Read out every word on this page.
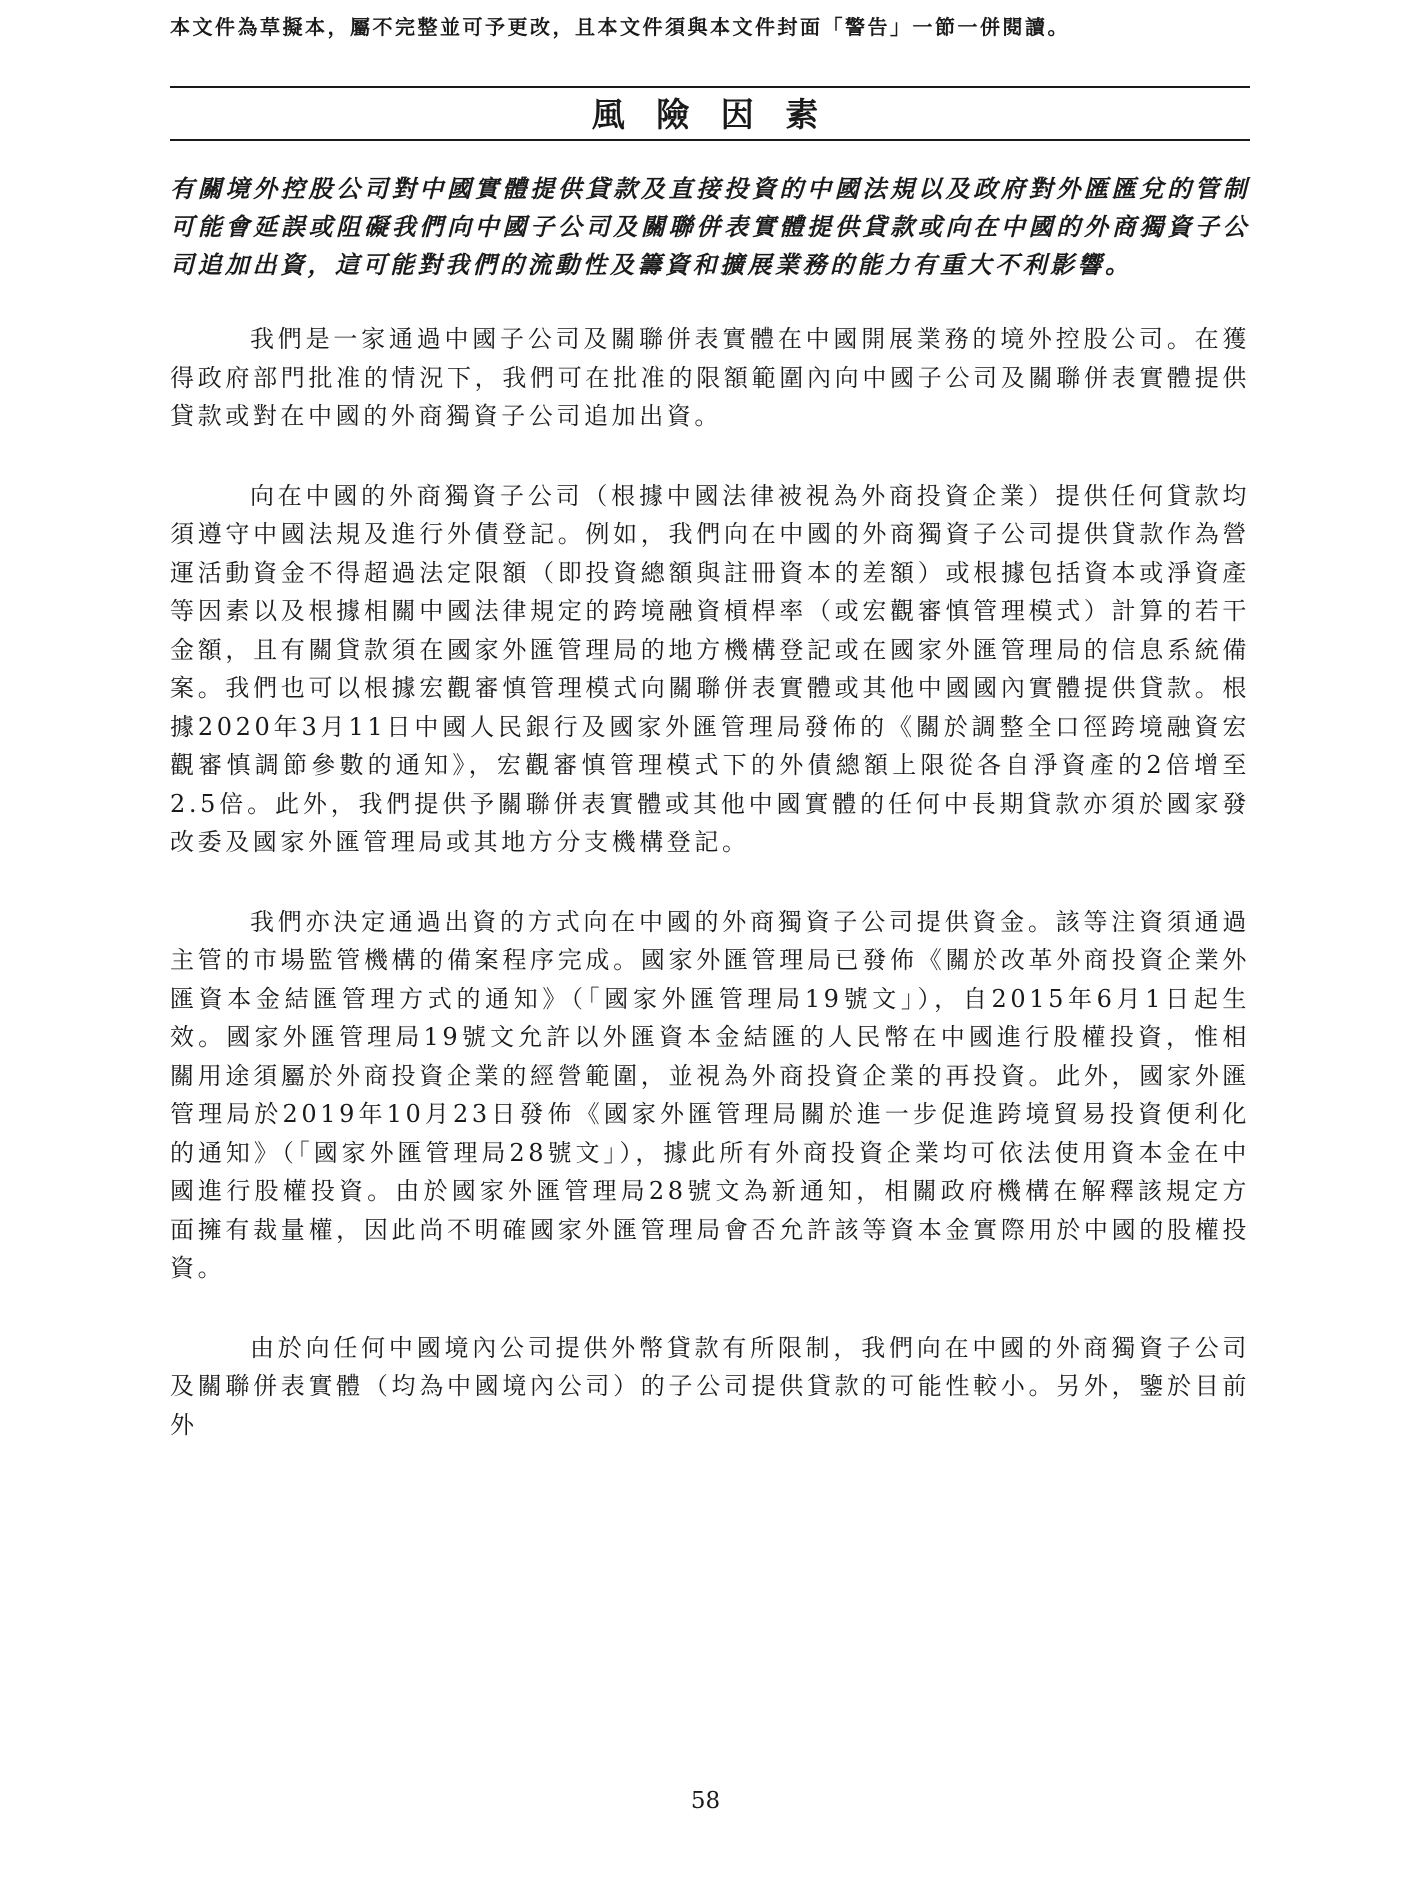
本文件為草擬本，屬不完整並可予更改，且本文件須與本文件封面「警告」一節一併閱讀。
風 險 因 素

有關境外控股公司對中國實體提供貸款及直接投資的中國法規以及政府對外匯匯兌的管制可能會延誤或阻礙我們向中國子公司及關聯併表實體提供貸款或向在中國的外商獨資子公司追加出資，這可能對我們的流動性及籌資和擴展業務的能力有重大不利影響。

我們是一家通過中國子公司及關聯併表實體在中國開展業務的境外控股公司。在獲得政府部門批准的情況下，我們可在批准的限額範圍內向中國子公司及關聯併表實體提供貸款或對在中國的外商獨資子公司追加出資。

向在中國的外商獨資子公司（根據中國法律被視為外商投資企業）提供任何貸款均須遵守中國法規及進行外債登記。例如，我們向在中國的外商獨資子公司提供貸款作為營運活動資金不得超過法定限額（即投資總額與註冊資本的差額）或根據包括資本或淨資產等因素以及根據相關中國法律規定的跨境融資槓桿率（或宏觀審慎管理模式）計算的若干金額，且有關貸款須在國家外匯管理局的地方機構登記或在國家外匯管理局的信息系統備案。我們也可以根據宏觀審慎管理模式向關聯併表實體或其他中國國內實體提供貸款。根據2020年3月11日中國人民銀行及國家外匯管理局發佈的《關於調整全口徑跨境融資宏觀審慎調節參數的通知》，宏觀審慎管理模式下的外債總額上限從各自淨資產的2倍增至2.5倍。此外，我們提供予關聯併表實體或其他中國實體的任何中長期貸款亦須於國家發改委及國家外匯管理局或其地方分支機構登記。

我們亦決定通過出資的方式向在中國的外商獨資子公司提供資金。該等注資須通過主管的市場監管機構的備案程序完成。國家外匯管理局已發佈《關於改革外商投資企業外匯資本金結匯管理方式的通知》（「國家外匯管理局19號文」），自2015年6月1日起生效。國家外匯管理局19號文允許以外匯資本金結匯的人民幣在中國進行股權投資，惟相關用途須屬於外商投資企業的經營範圍，並視為外商投資企業的再投資。此外，國家外匯管理局於2019年10月23日發佈《國家外匯管理局關於進一步促進跨境貿易投資便利化的通知》（「國家外匯管理局28號文」），據此所有外商投資企業均可依法使用資本金在中國進行股權投資。由於國家外匯管理局28號文為新通知，相關政府機構在解釋該規定方面擁有裁量權，因此尚不明確國家外匯管理局會否允許該等資本金實際用於中國的股權投資。

由於向任何中國境內公司提供外幣貸款有所限制，我們向在中國的外商獨資子公司及關聯併表實體（均為中國境內公司）的子公司提供貸款的可能性較小。另外，鑒於目前外

58
